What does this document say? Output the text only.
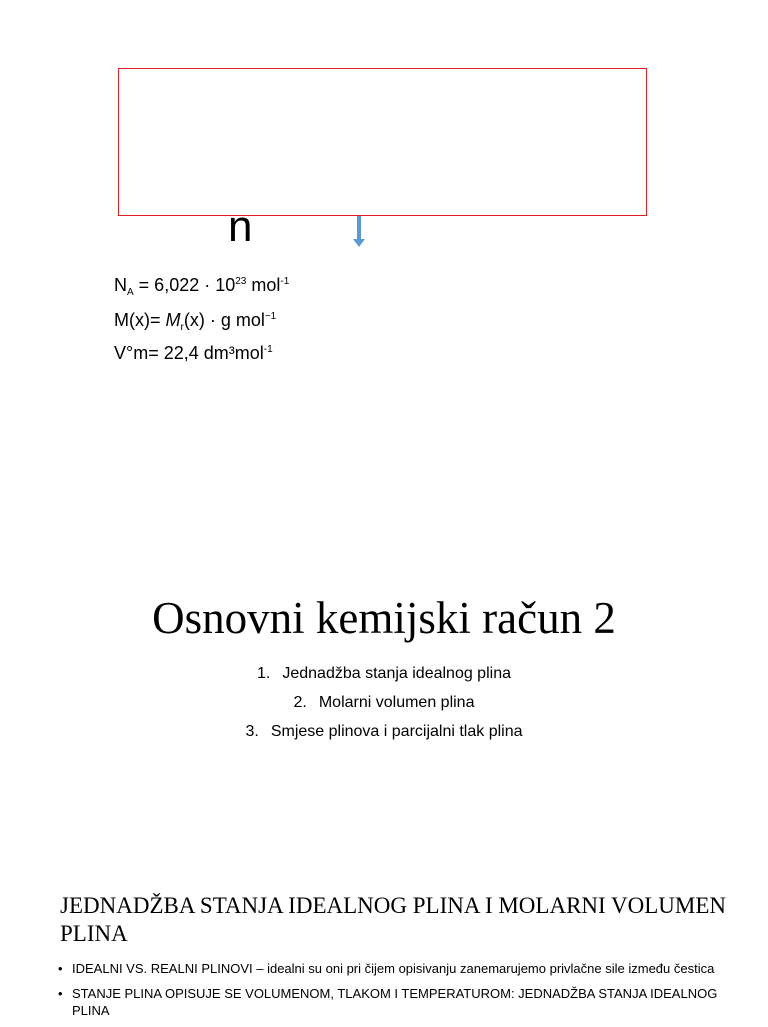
n
$N_A = 6,022 \cdot 10^{23}$ mol$^{-1}$
$M(x)= M_r(x) \cdot g$ mol$^{-1}$
V°m= 22,4 dm³mol$^{-1}$
Osnovni kemijski račun 2
1. Jednadžba stanja idealnog plina
2. Molarni volumen plina
3. Smjese plinova i parcijalni tlak plina
JEDNADŽBA STANJA IDEALNOG PLINA I MOLARNI VOLUMEN PLINA
• IDEALNI VS. REALNI PLINOVI – idealni su oni pri čijem opisivanju zanemarujemo privlačne sile između čestica
• STANJE PLINA OPISUJE SE VOLUMENOM, TLAKOM I TEMPERATUROM: JEDNADŽBA STANJA IDEALNOG PLINA
